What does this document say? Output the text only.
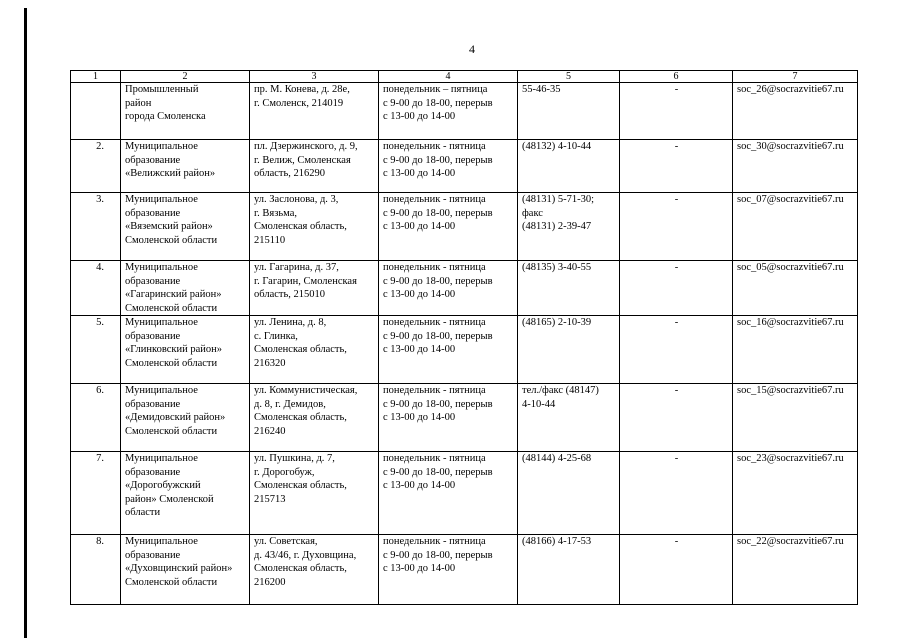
4
1	2	3	4	5	6	7

	Промышленный
район
города Смоленска	пр. М. Конева, д. 28е,
г. Смоленск, 214019	понедельник – пятница
с 9-00 до 18-00, перерыв
с 13-00 до 14-00	55-46-35	-	soc_26@socrazvitie67.ru
2.	Муниципальное
образование
«Велижский район»	пл. Дзержинского, д. 9,
г. Велиж, Смоленская
область, 216290	понедельник - пятница
с 9-00 до 18-00, перерыв
с 13-00 до 14-00	(48132) 4-10-44	-	soc_30@socrazvitie67.ru
3.	Муниципальное
образование
«Вяземский район»
Смоленской области	ул. Заслонова, д. 3,
г. Вязьма,
Смоленская область,
215110	понедельник - пятница
с 9-00 до 18-00, перерыв
с 13-00 до 14-00	(48131) 5-71-30;
факс
(48131) 2-39-47	-	soc_07@socrazvitie67.ru
4.	Муниципальное
образование
«Гагаринский район»
Смоленской области	ул. Гагарина, д. 37,
г. Гагарин, Смоленская
область, 215010	понедельник - пятница
с 9-00 до 18-00, перерыв
с 13-00 до 14-00	(48135) 3-40-55	-	soc_05@socrazvitie67.ru
5.	Муниципальное
образование
«Глинковский район»
Смоленской области	ул. Ленина, д. 8,
с. Глинка,
Смоленская область,
216320	понедельник - пятница
с 9-00 до 18-00, перерыв
с 13-00 до 14-00	(48165) 2-10-39	-	soc_16@socrazvitie67.ru
6.	Муниципальное
образование
«Демидовский район»
Смоленской области	ул. Коммунистическая,
д. 8, г. Демидов,
Смоленская область,
216240	понедельник - пятница
с 9-00 до 18-00, перерыв
с 13-00 до 14-00	тел./факс (48147)
4-10-44	-	soc_15@socrazvitie67.ru
7.	Муниципальное
образование
«Дорогобужский
район» Смоленской
области	ул. Пушкина, д. 7,
г. Дорогобуж,
Смоленская область,
215713	понедельник - пятница
с 9-00 до 18-00, перерыв
с 13-00 до 14-00	(48144) 4-25-68	-	soc_23@socrazvitie67.ru
8.	Муниципальное
образование
«Духовщинский район»
Смоленской области	ул. Советская,
д. 43/46, г. Духовщина,
Смоленская область,
216200	понедельник - пятница
с 9-00 до 18-00, перерыв
с 13-00 до 14-00	(48166) 4-17-53	-	soc_22@socrazvitie67.ru
